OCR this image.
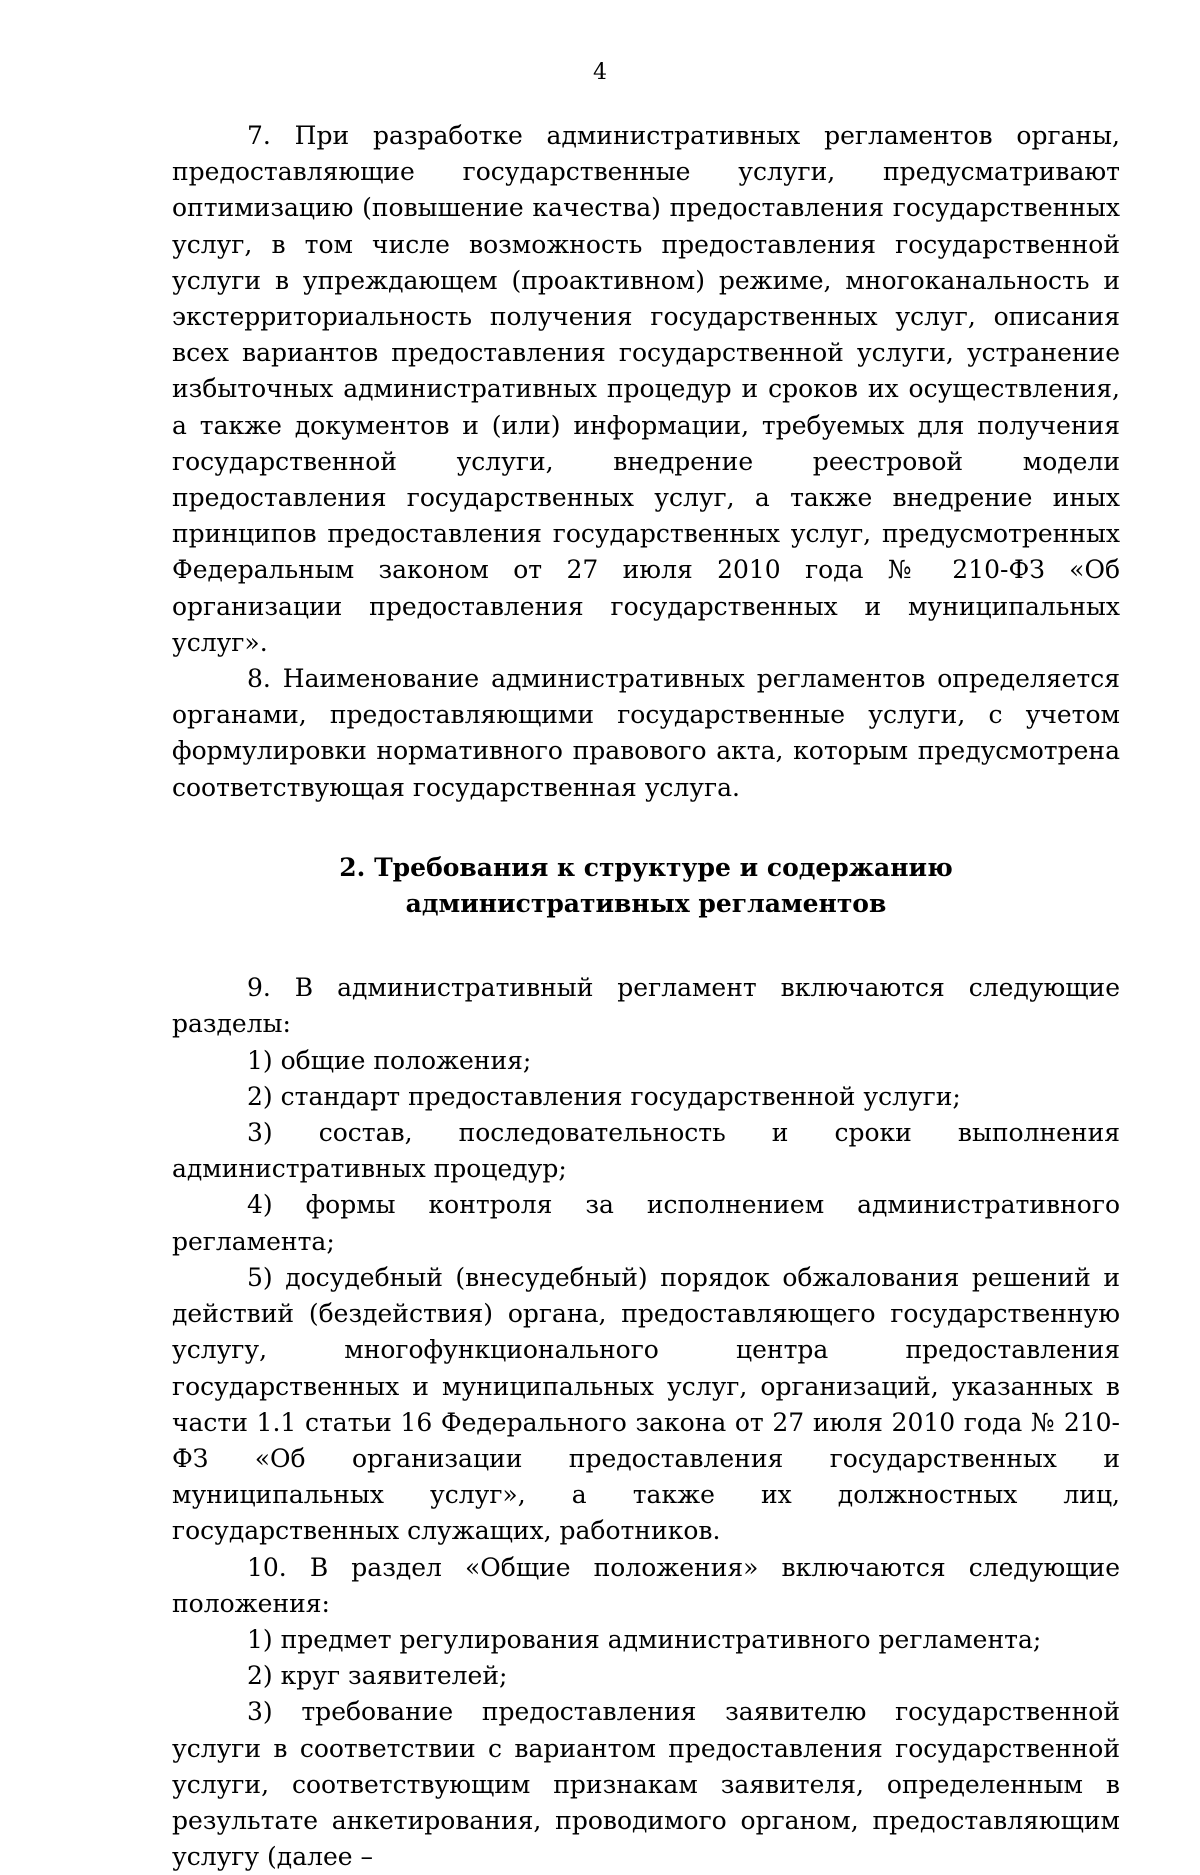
4

7. При разработке административных регламентов органы, предоставляющие государственные услуги, предусматривают оптимизацию (повышение качества) предоставления государственных услуг, в том числе возможность предоставления государственной услуги в упреждающем (проактивном) режиме, многоканальность и экстерриториальность получения государственных услуг, описания всех вариантов предоставления государственной услуги, устранение избыточных административных процедур и сроков их осуществления, а также документов и (или) информации, требуемых для получения государственной услуги, внедрение реестровой модели предоставления государственных услуг, а также внедрение иных принципов предоставления государственных услуг, предусмотренных Федеральным законом от 27 июля 2010 года № 210-ФЗ «Об организации предоставления государственных и муниципальных услуг».

8. Наименование административных регламентов определяется органами, предоставляющими государственные услуги, с учетом формулировки нормативного правового акта, которым предусмотрена соответствующая государственная услуга.

2. Требования к структуре и содержанию
административных регламентов

9. В административный регламент включаются следующие разделы:

1) общие положения;

2) стандарт предоставления государственной услуги;

3) состав, последовательность и сроки выполнения административных процедур;

4) формы контроля за исполнением административного регламента;

5) досудебный (внесудебный) порядок обжалования решений и действий (бездействия) органа, предоставляющего государственную услугу, многофункционального центра предоставления государственных и муниципальных услуг, организаций, указанных в части 1.1 статьи 16 Федерального закона от 27 июля 2010 года № 210-ФЗ «Об организации предоставления государственных и муниципальных услуг», а также их должностных лиц, государственных служащих, работников.

10. В раздел «Общие положения» включаются следующие положения:

1) предмет регулирования административного регламента;

2) круг заявителей;

3) требование предоставления заявителю государственной услуги в соответствии с вариантом предоставления государственной услуги, соответствующим признакам заявителя, определенным в результате анкетирования, проводимого органом, предоставляющим услугу (далее –
